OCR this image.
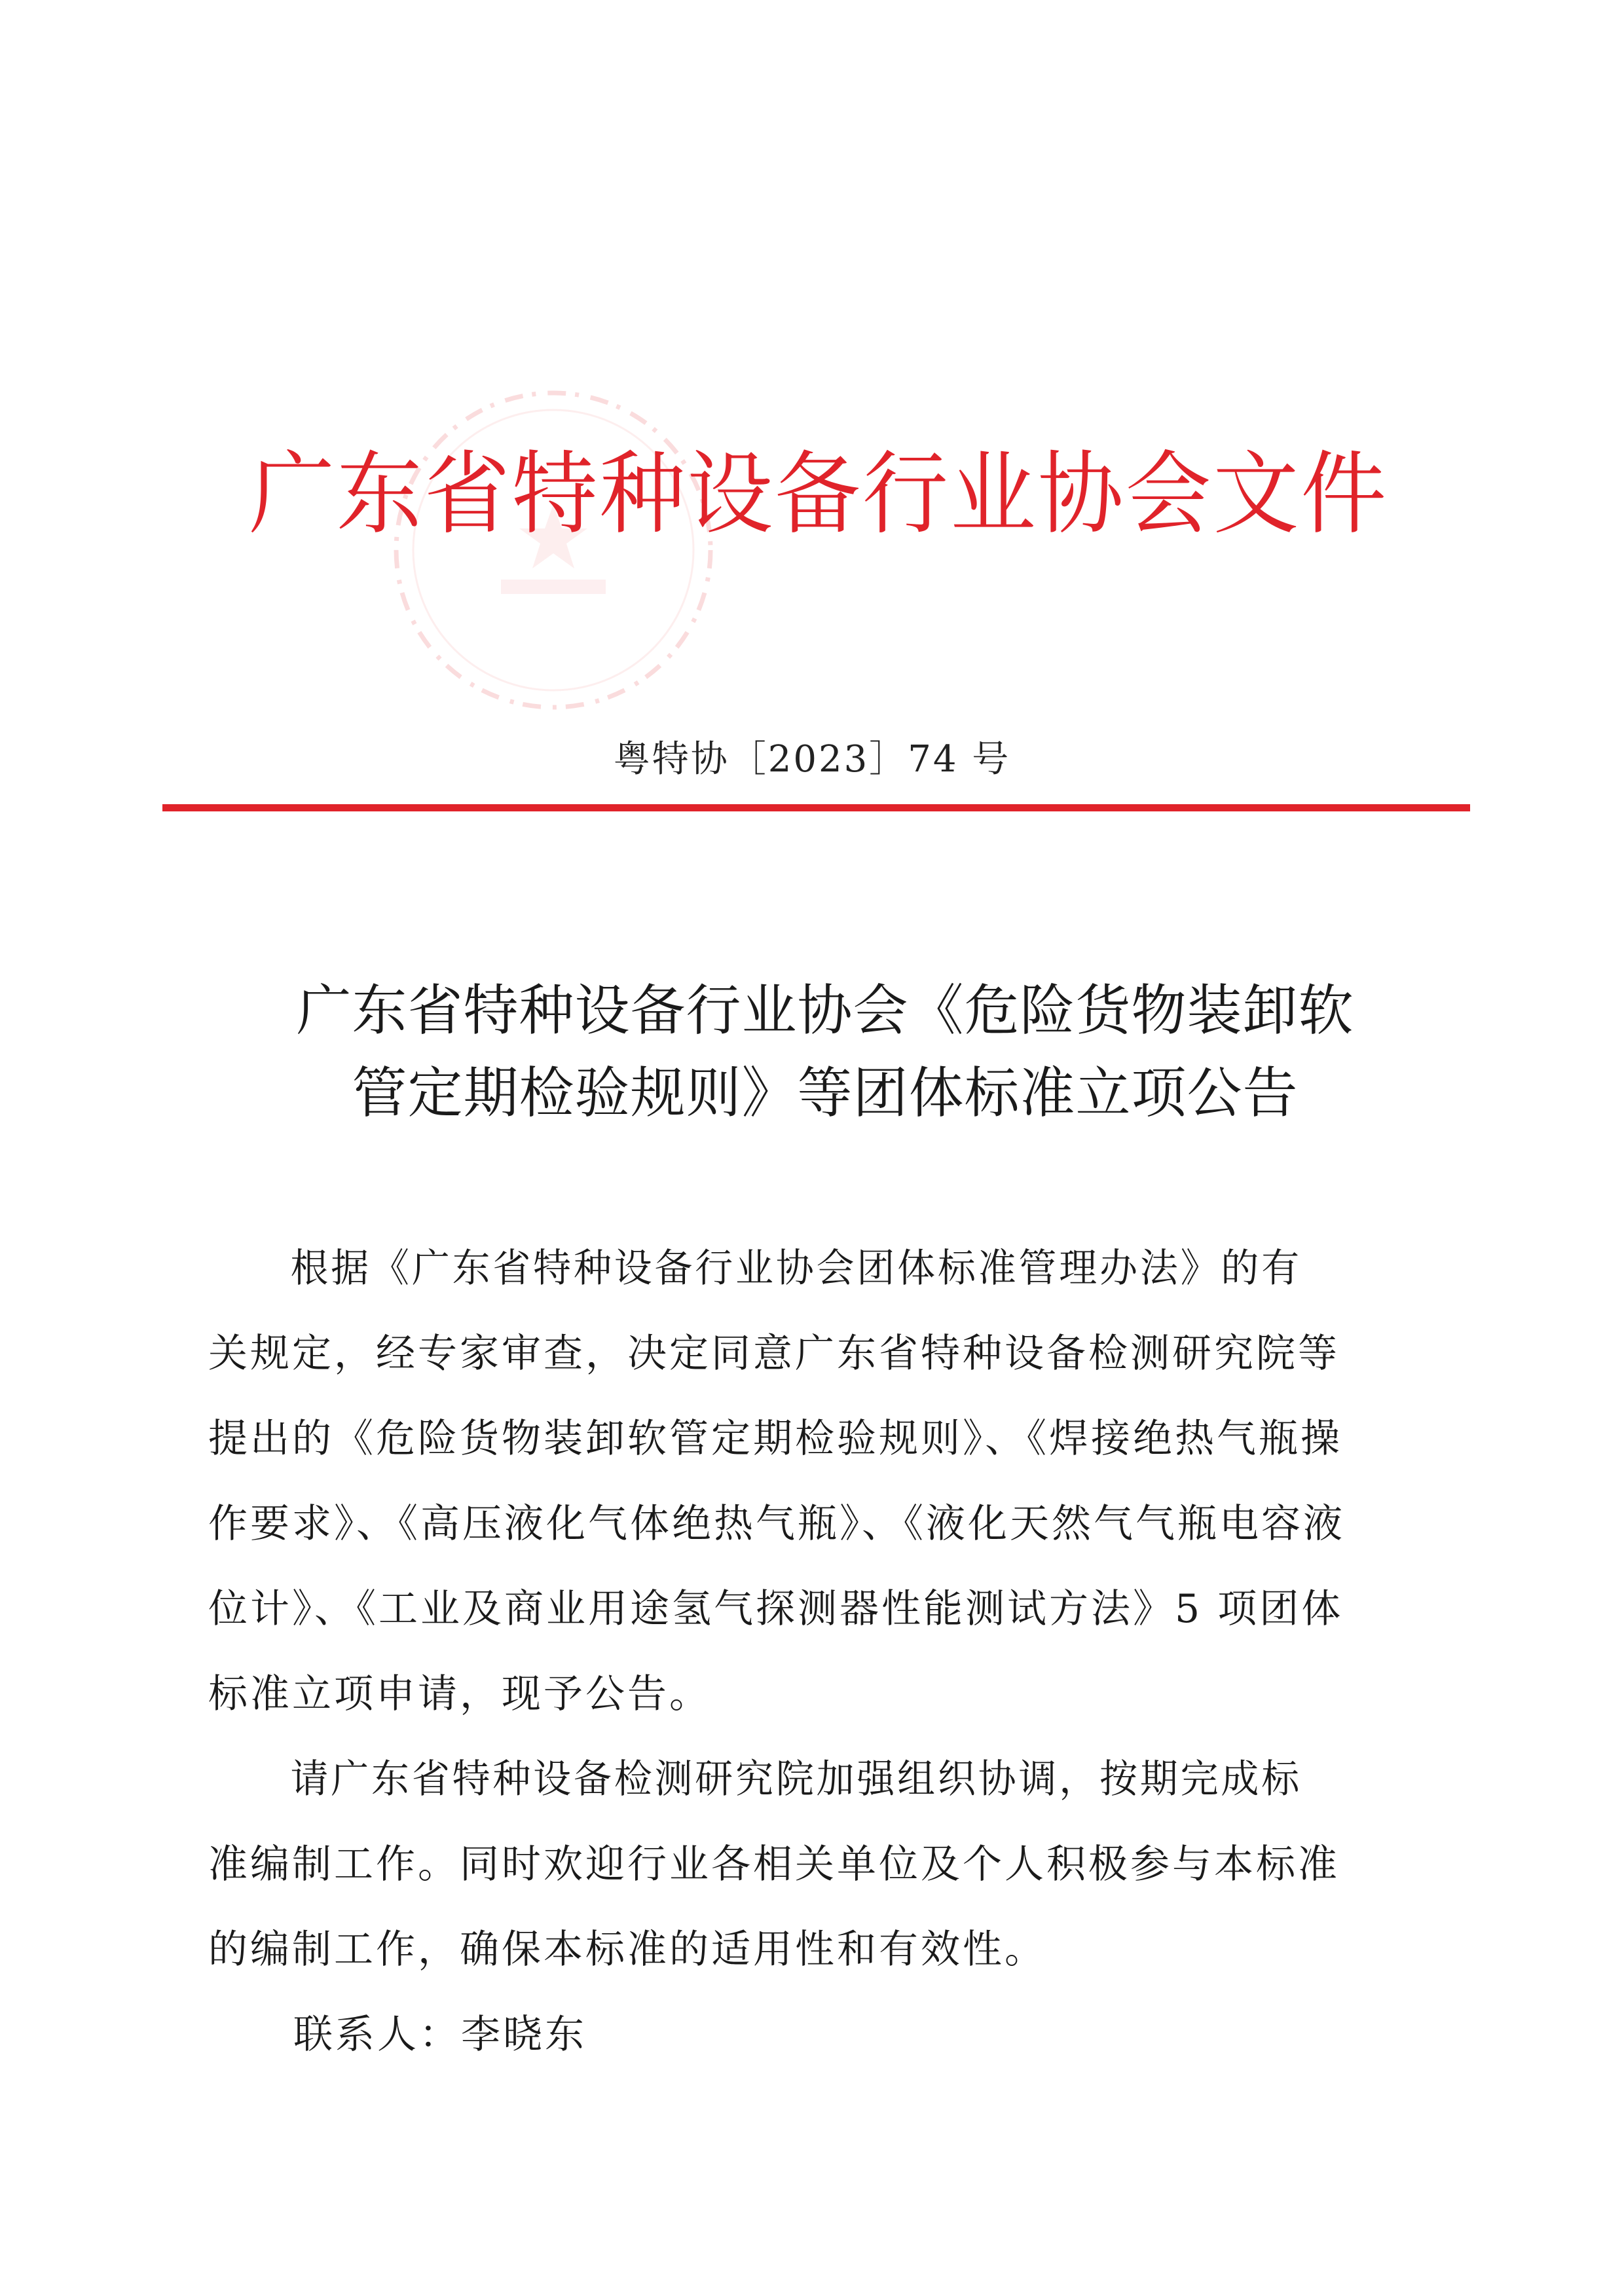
广东省特种设备行业协会文件
粤特协［2023］74 号
广东省特种设备行业协会《危险货物装卸软
管定期检验规则》等团体标准立项公告
根据《广东省特种设备行业协会团体标准管理办法》的有
关规定，经专家审查，决定同意广东省特种设备检测研究院等
提出的《危险货物装卸软管定期检验规则》、《焊接绝热气瓶操
作要求》、《高压液化气体绝热气瓶》、《液化天然气气瓶电容液
位计》、《工业及商业用途氢气探测器性能测试方法》5 项团体
标准立项申请，现予公告。
请广东省特种设备检测研究院加强组织协调，按期完成标
准编制工作。同时欢迎行业各相关单位及个人积极参与本标准
的编制工作，确保本标准的适用性和有效性。
联系人：李晓东
